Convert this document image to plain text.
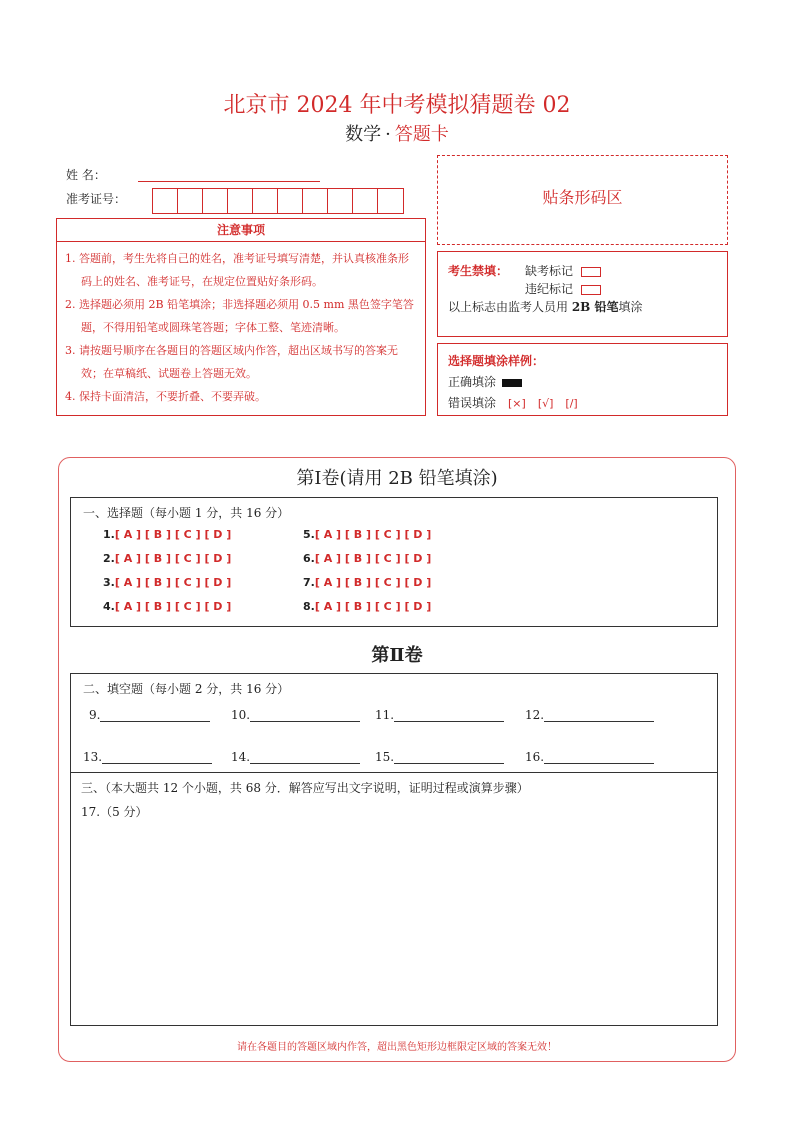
北京市 2024 年中考模拟猜题卷 02
数学 · 答题卡
姓 名：
准考证号：
注意事项
1. 答题前，考生先将自己的姓名，准考证号填写清楚，并认真核准条形码上的姓名、准考证号，在规定位置贴好条形码。
2. 选择题必须用 2B 铅笔填涂；非选择题必须用 0.5 mm 黑色签字笔答题，不得用铅笔或圆珠笔答题；字体工整、笔迹清晰。
3. 请按题号顺序在各题目的答题区域内作答，超出区域书写的答案无效；在草稿纸、试题卷上答题无效。
4. 保持卡面清洁，不要折叠、不要弄破。
贴条形码区
考生禁填： 缺考标记
违纪标记
以上标志由监考人员用 2B 铅笔填涂
选择题填涂样例：
正确填涂
错误填涂 [×] [√] [/]
第Ⅰ卷(请用 2B 铅笔填涂)
一、选择题（每小题 1 分，共 16 分）
1.[ A ] [ B ] [ C ] [ D ]
2.[ A ] [ B ] [ C ] [ D ]
3.[ A ] [ B ] [ C ] [ D ]
4.[ A ] [ B ] [ C ] [ D ]
5.[ A ] [ B ] [ C ] [ D ]
6.[ A ] [ B ] [ C ] [ D ]
7.[ A ] [ B ] [ C ] [ D ]
8.[ A ] [ B ] [ C ] [ D ]
第Ⅱ卷
二、填空题（每小题 2 分，共 16 分）
9.	10.	11.	12.
13.	14.	15.	16.
三、（本大题共 12 个小题，共 68 分．解答应写出文字说明，证明过程或演算步骤）
17.（5 分）
请在各题目的答题区域内作答，超出黑色矩形边框限定区域的答案无效！
